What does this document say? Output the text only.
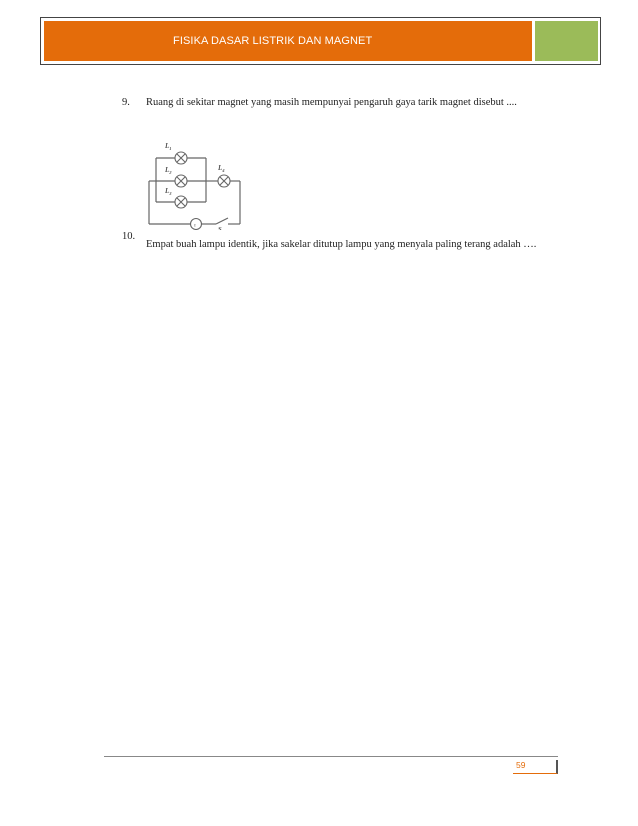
FISIKA DASAR LISTRIK DAN MAGNET
9. Ruang di sekitar magnet yang masih mempunyai pengaruh gaya tarik magnet disebut ....
ɛ
$L_1$
$L_2$
$L_3$
$L_4$
S
10.
Empat buah lampu identik, jika sakelar ditutup lampu yang menyala paling terang adalah ….
59
